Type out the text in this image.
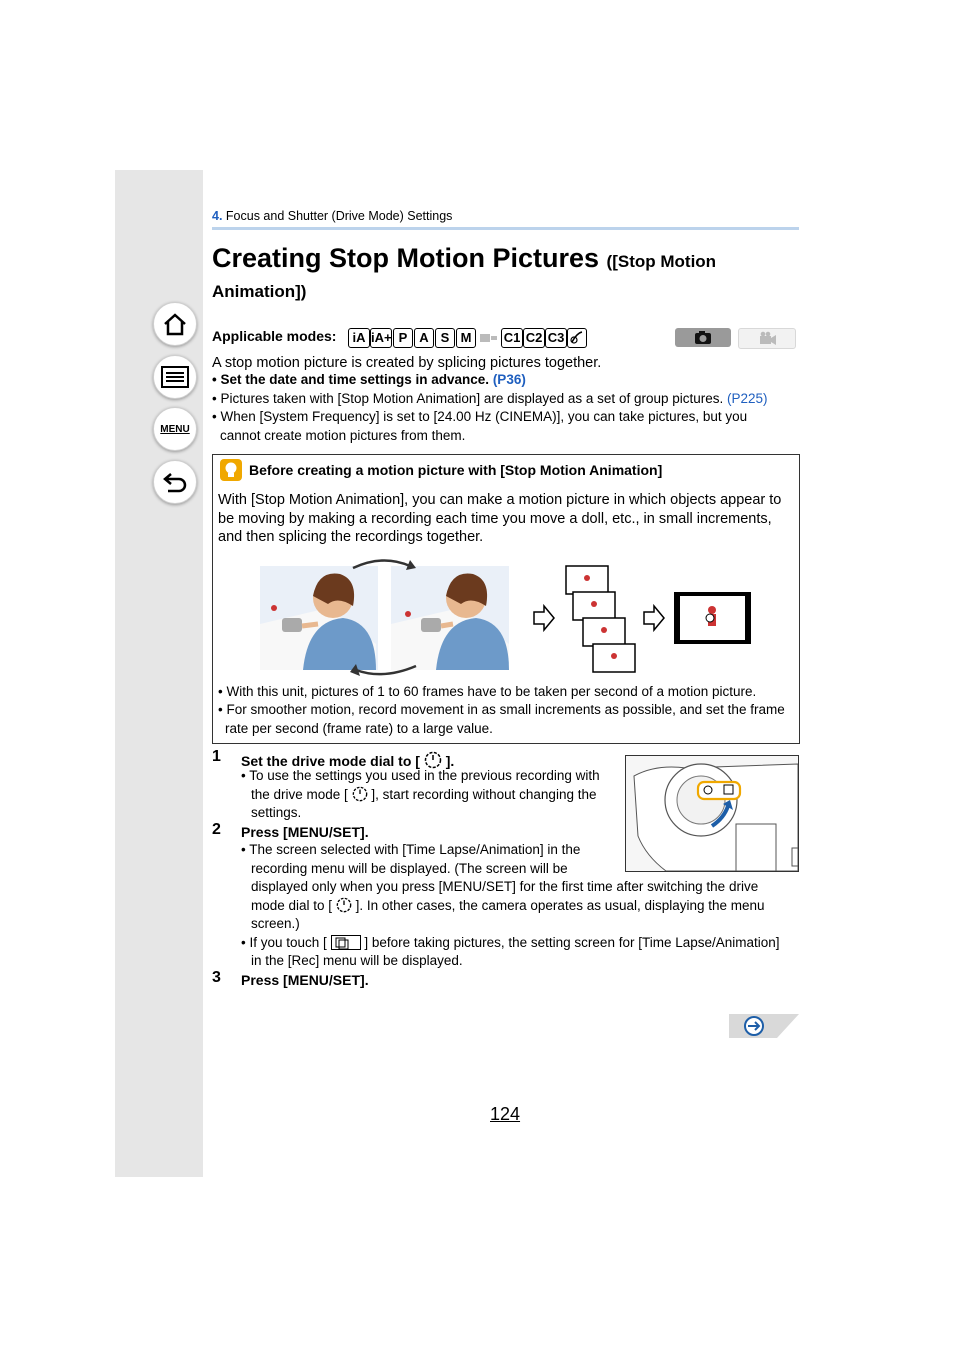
MENU
4. Focus and Shutter (Drive Mode) Settings
Creating Stop Motion Pictures ([Stop Motion
Animation])
Applicable modes:	iA iA+ P A S M	C1 C2 C3
A stop motion picture is created by splicing pictures together.
• Set the date and time settings in advance. (P36)
• Pictures taken with [Stop Motion Animation] are displayed as a set of group pictures. (P225)
• When [System Frequency] is set to [24.00 Hz (CINEMA)], you can take pictures, but you
cannot create motion pictures from them.
Before creating a motion picture with [Stop Motion Animation]
With [Stop Motion Animation], you can make a motion picture in which objects appear to be moving by making a recording each time you move a doll, etc., in small increments, and then splicing the recordings together.
• With this unit, pictures of 1 to 60 frames have to be taken per second of a motion picture.
• For smoother motion, record movement in as small increments as possible, and set the frame
rate per second (frame rate) to a large value.
1 Set the drive mode dial to [ ].
• To use the settings you used in the previous recording with
the drive mode [ ], start recording without changing the
settings.
2 Press [MENU/SET].
• The screen selected with [Time Lapse/Animation] in the
recording menu will be displayed. (The screen will be
displayed only when you press [MENU/SET] for the first time after switching the drive
mode dial to [ ]. In other cases, the camera operates as usual, displaying the menu
screen.)
• If you touch [	] before taking pictures, the setting screen for [Time Lapse/Animation]
in the [Rec] menu will be displayed.
3 Press [MENU/SET].
124
